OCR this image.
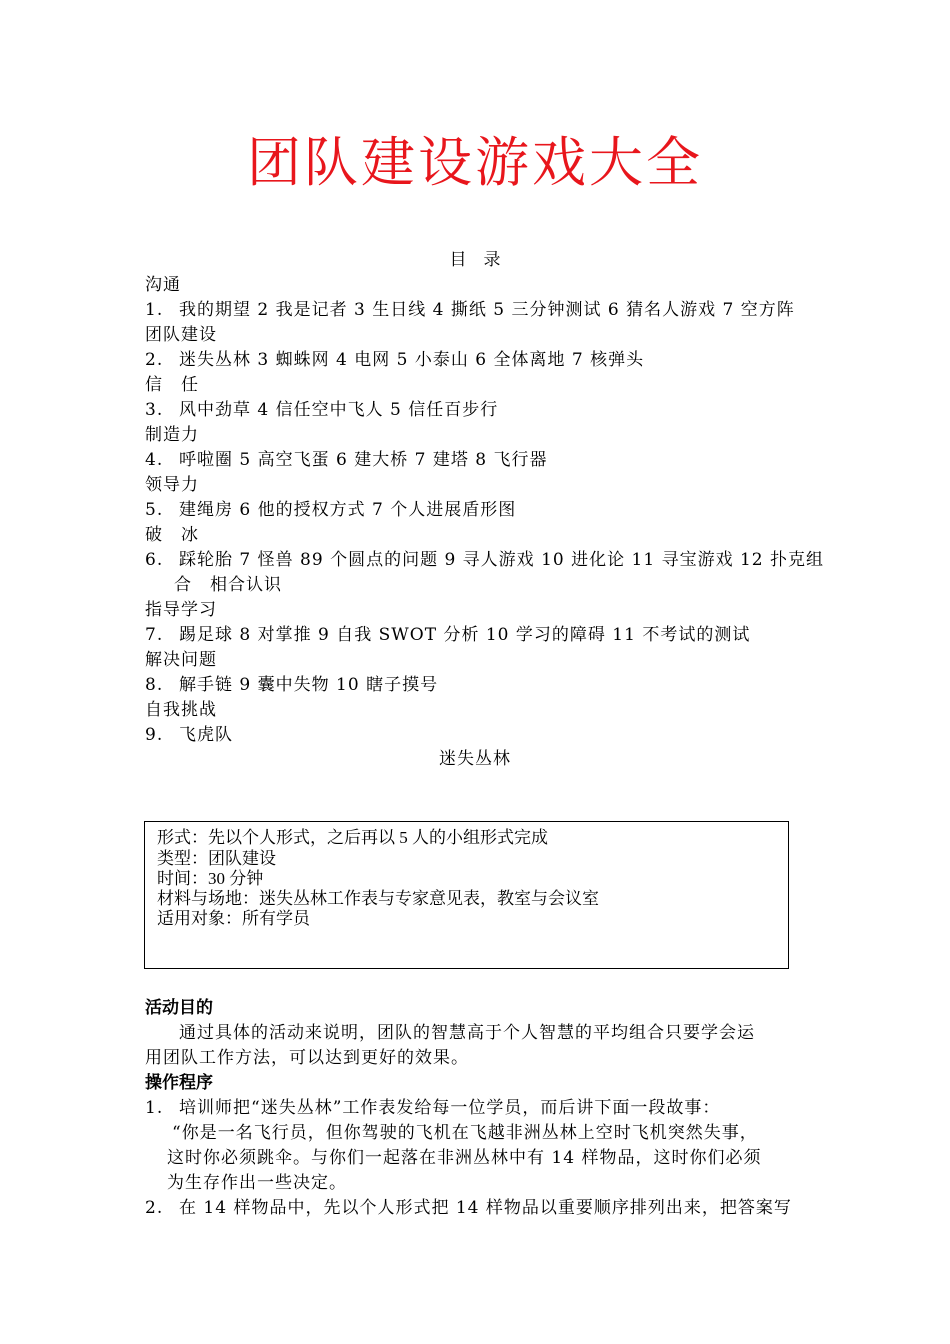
团队建设游戏大全
目　录
沟通
1. 我的期望 2 我是记者 3 生日线 4 撕纸 5 三分钟测试 6 猜名人游戏 7 空方阵
团队建设
2. 迷失丛林 3 蜘蛛网 4 电网 5 小泰山 6 全体离地 7 核弹头
信　任
3. 风中劲草 4 信任空中飞人 5 信任百步行
制造力
4. 呼啦圈 5 高空飞蛋 6 建大桥 7 建塔 8 飞行器
领导力
5. 建绳房 6 他的授权方式 7 个人进展盾形图
破　冰
6. 踩轮胎 7 怪兽 89 个圆点的问题 9 寻人游戏 10 进化论 11 寻宝游戏 12 扑克组
合　相合认识
指导学习
7. 踢足球 8 对掌推 9 自我 SWOT 分析 10 学习的障碍 11 不考试的测试
解决问题
8. 解手链 9 囊中失物 10 瞎子摸号
自我挑战
9. 飞虎队
迷失丛林
形式：先以个人形式，之后再以 5 人的小组形式完成
类型：团队建设
时间：30 分钟
材料与场地：迷失丛林工作表与专家意见表，教室与会议室
适用对象：所有学员
活动目的
通过具体的活动来说明，团队的智慧高于个人智慧的平均组合只要学会运
用团队工作方法，可以达到更好的效果。
操作程序
1. 培训师把“迷失丛林”工作表发给每一位学员，而后讲下面一段故事：
“你是一名飞行员，但你驾驶的飞机在飞越非洲丛林上空时飞机突然失事，
这时你必须跳伞。与你们一起落在非洲丛林中有 14 样物品，这时你们必须
为生存作出一些决定。
2. 在 14 样物品中，先以个人形式把 14 样物品以重要顺序排列出来，把答案写
